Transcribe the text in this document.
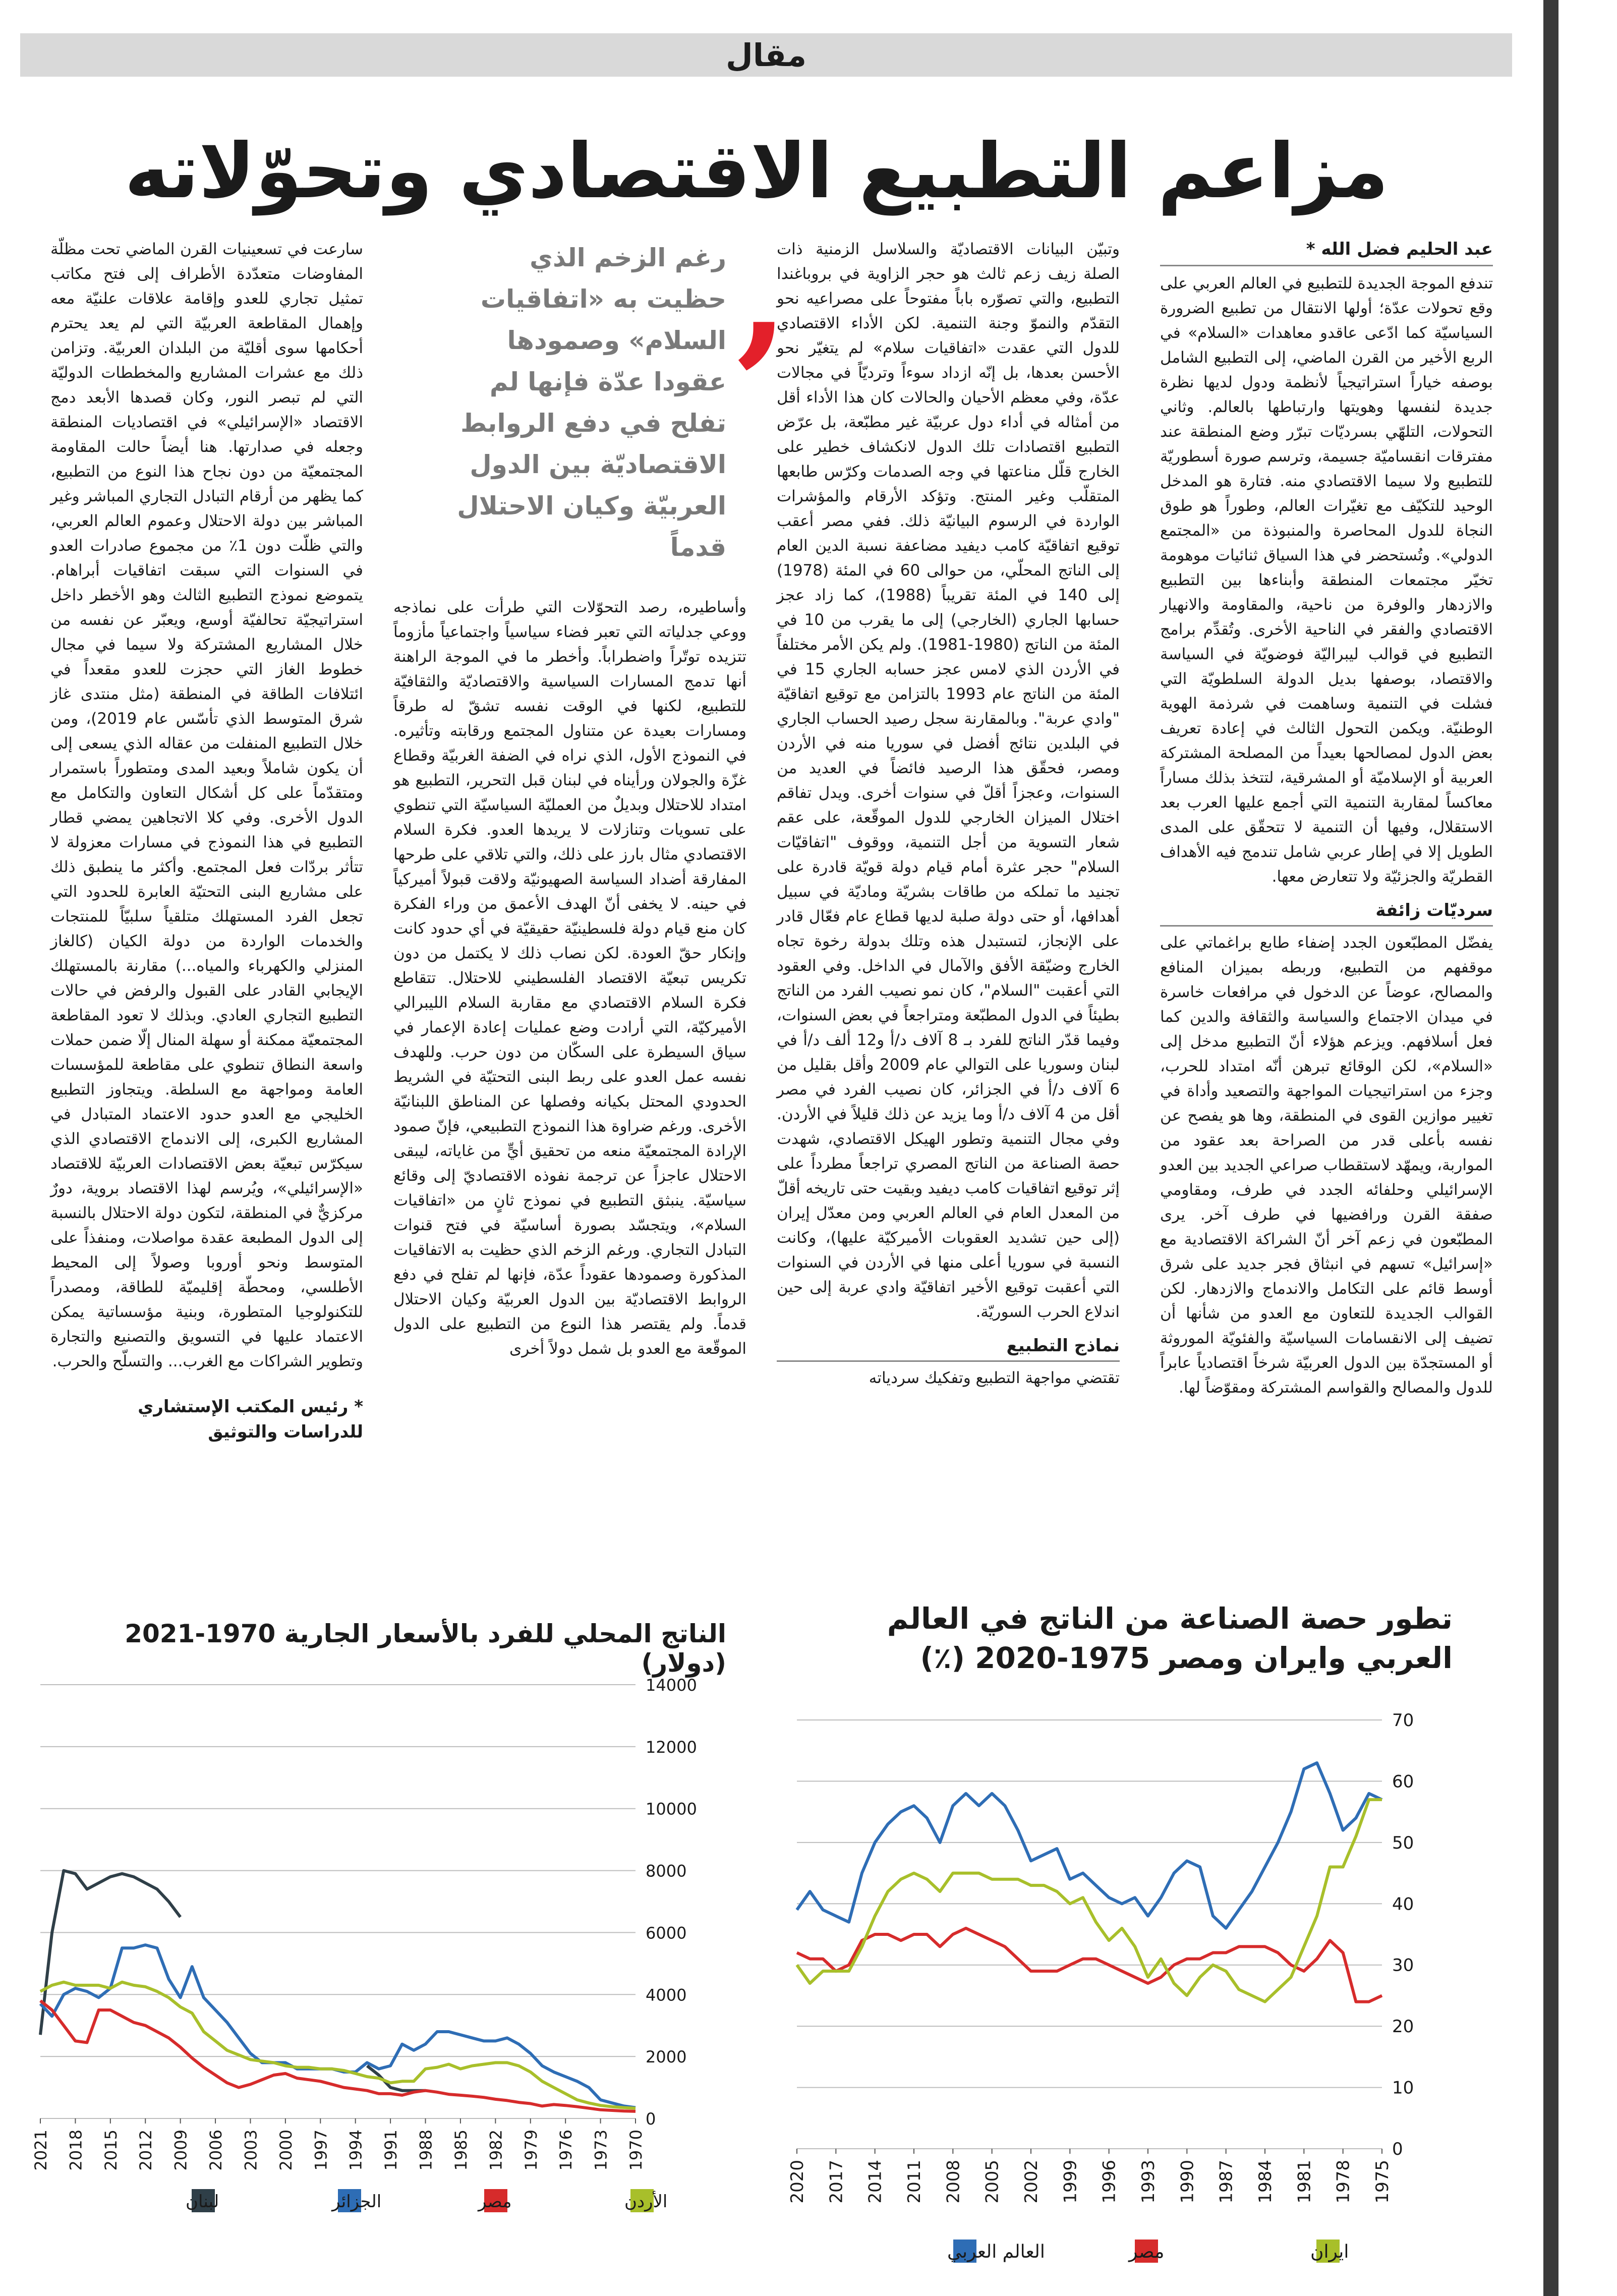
مقال
مزاعم التطبيع الاقتصادي وتحوّلاته
عبد الحليم فضل الله *

تندفع الموجة الجديدة للتطبيع في العالم العربي على وقع تحولات عدّة؛ أولها الانتقال من تطبيع الضرورة السياسيّة كما ادّعى عاقدو معاهدات «السلام» في الربع الأخير من القرن الماضي، إلى التطبيع الشامل بوصفه خياراً استراتيجياً لأنظمة ودول لديها نظرة جديدة لنفسها وهويتها وارتباطها بالعالم. وثاني التحولات، التلهّي بسرديّات تبرّر وضع المنطقة عند مفترقات انقساميّة جسيمة، وترسم صورة أسطوريّة للتطبيع ولا سيما الاقتصادي منه. فتارة هو المدخل الوحيد للتكيّف مع تغيّرات العالم، وطوراً هو طوق النجاة للدول المحاصرة والمنبوذة من «المجتمع الدولي». وتُستحضر في هذا السياق ثنائيات موهومة تخيّر مجتمعات المنطقة وأبناءها بين التطبيع والازدهار والوفرة من ناحية، والمقاومة والانهيار الاقتصادي والفقر في الناحية الأخرى. وتُقدِّم برامج التطبيع في قوالب ليبراليّة فوضويّة في السياسة والاقتصاد، بوصفها بديل الدولة السلطويّة التي فشلت في التنمية وساهمت في شرذمة الهوية الوطنيّة. ويكمن التحول الثالث في إعادة تعريف بعض الدول لمصالحها بعيداً من المصلحة المشتركة العربية أو الإسلاميّة أو المشرقية، لتتخذ بذلك مساراً معاكساً لمقاربة التنمية التي أجمع عليها العرب بعد الاستقلال، وفيها أن التنمية لا تتحقّق على المدى الطويل إلا في إطار عربي شامل تندمج فيه الأهداف القطريّة والجزئيّة ولا تتعارض معها.

سرديّات زائفة

يفضّل المطبّعون الجدد إضفاء طابع براغماتي على موقفهم من التطبيع، وربطه بميزان المنافع والمصالح، عوضاً عن الدخول في مرافعات خاسرة في ميدان الاجتماع والسياسة والثقافة والدين كما فعل أسلافهم. ويزعم هؤلاء أنّ التطبيع مدخل إلى «السلام»، لكن الوقائع تبرهن أنّه امتداد للحرب، وجزء من استراتيجيات المواجهة والتصعيد وأداة في تغيير موازين القوى في المنطقة، وها هو يفصح عن نفسه بأعلى قدر من الصراحة بعد عقود من المواربة، ويمهّد لاستقطاب صراعي الجديد بين العدو الإسرائيلي وحلفائه الجدد في طرف، ومقاومي صفقة القرن ورافضيها في طرف آخر. يرى المطبّعون في زعم آخر أنّ الشراكة الاقتصادية مع «إسرائيل» تسهم في انبثاق فجر جديد على شرق أوسط قائم على التكامل والاندماج والازدهار. لكن القوالب الجديدة للتعاون مع العدو من شأنها أن تضيف إلى الانقسامات السياسيّة والفئويّة الموروثة أو المستجدّة بين الدول العربيّة شرخاً اقتصادياً عابراً للدول والمصالح والقواسم المشتركة ومقوّضاً لها.

وتبيّن البيانات الاقتصاديّة والسلاسل الزمنية ذات الصلة زيف زعم ثالث هو حجر الزاوية في بروباغندا التطبيع، والتي تصوّره باباً مفتوحاً على مصراعيه نحو التقدّم والنموّ وجنة التنمية. لكن الأداء الاقتصادي للدول التي عقدت «اتفاقيات سلام» لم يتغيّر نحو الأحسن بعدها، بل إنّه ازداد سوءاً وترديّاً في مجالات عدّة، وفي معظم الأحيان والحالات كان هذا الأداء أقل من أمثاله في أداء دول عربيّة غير مطبّعة، بل عرّض التطبيع اقتصادات تلك الدول لانكشاف خطير على الخارج قلّل مناعتها في وجه الصدمات وكرّس طابعها المتقلّب وغير المنتج. وتؤكد الأرقام والمؤشرات الواردة في الرسوم البيانيّة ذلك. ففي مصر أعقب توقيع اتفاقيّة كامب ديفيد مضاعفة نسبة الدين العام إلى الناتج المحلّي، من حوالى 60 في المئة (1978) إلى 140 في المئة تقريباً (1988)، كما زاد عجز حسابها الجاري (الخارجي) إلى ما يقرب من 10 في المئة من الناتج (1980-1981). ولم يكن الأمر مختلفاً في الأردن الذي لامس عجز حسابه الجاري 15 في المئة من الناتج عام 1993 بالتزامن مع توقيع اتفاقيّة "وادي عربة". وبالمقارنة سجل رصيد الحساب الجاري في البلدين نتائج أفضل في سوريا منه في الأردن ومصر، فحقّق هذا الرصيد فائضاً في العديد من السنوات، وعجزاً أقلّ في سنوات أخرى. ويدل تفاقم اختلال الميزان الخارجي للدول الموقّعة، على عقم شعار التسوية من أجل التنمية، ووقوف "اتفاقيّات السلام" حجر عثرة أمام قيام دولة قويّة قادرة على تجنيد ما تملكه من طاقات بشريّة وماديّة في سبيل أهدافها، أو حتى دولة صلبة لديها قطاع عام فعّال قادر على الإنجاز، لتستبدل هذه وتلك بدولة رخوة تجاه الخارج وضيّقة الأفق والآمال في الداخل. وفي العقود التي أعقبت "السلام"، كان نمو نصيب الفرد من الناتج بطيئاً في الدول المطبّعة ومتراجعاً في بعض السنوات، وفيما قدّر الناتج للفرد بـ 8 آلاف د/أ و12 ألف د/أ في لبنان وسوريا على التوالي عام 2009 وأقل بقليل من 6 آلاف د/أ في الجزائر، كان نصيب الفرد في مصر أقل من 4 آلاف د/أ وما يزيد عن ذلك قليلاً في الأردن. وفي مجال التنمية وتطور الهيكل الاقتصادي، شهدت حصة الصناعة من الناتج المصري تراجعاً مطرداً على إثر توقيع اتفاقيات كامب ديفيد وبقيت حتى تاريخه أقلّ من المعدل العام في العالم العربي ومن معدّل إيران (إلى حين تشديد العقوبات الأميركيّة عليها)، وكانت النسبة في سوريا أعلى منها في الأردن في السنوات التي أعقبت توقيع الأخير اتفاقيّة وادي عربة إلى حين اندلاع الحرب السوريّة.

نماذج التطبيع

تقتضي مواجهة التطبيع وتفكيك سردياته

,
رغم الزخم الذي حظيت به «اتفاقيات السلام» وصمودها عقودا عدّة فإنها لم تفلح في دفع الروابط الاقتصاديّة بين الدول العربيّة وكيان الاحتلال قدماً

وأساطيره، رصد التحوّلات التي طرأت على نماذجه ووعي جدلياته التي تعبر فضاء سياسياً واجتماعياً مأزوماً تتزيده توتّراً واضطراباً. وأخطر ما في الموجة الراهنة أنها تدمج المسارات السياسية والاقتصاديّة والثقافيّة للتطبيع، لكنها في الوقت نفسه تشقّ له طرقاً ومسارات بعيدة عن متناول المجتمع ورقابته وتأثيره. في النموذج الأول، الذي نراه في الضفة الغربيّة وقطاع غزّة والجولان ورأيناه في لبنان قبل التحرير، التطبيع هو امتداد للاحتلال وبديلٌ من العمليّة السياسيّة التي تنطوي على تسويات وتنازلات لا يريدها العدو. فكرة السلام الاقتصادي مثال بارز على ذلك، والتي تلاقي على طرحها المفارقة أضداد السياسة الصهيونيّة ولاقت قبولاً أميركياً في حينه. لا يخفى أنّ الهدف الأعمق من وراء الفكرة كان منع قيام دولة فلسطينيّة حقيقيّة في أي حدود كانت وإنكار حقّ العودة. لكن نصاب ذلك لا يكتمل من دون تكريس تبعيّة الاقتصاد الفلسطيني للاحتلال. تتقاطع فكرة السلام الاقتصادي مع مقاربة السلام الليبرالي الأميركيّة، التي أرادت وضع عمليات إعادة الإعمار في سياق السيطرة على السكّان من دون حرب. وللهدف نفسه عمل العدو على ربط البنى التحتيّة في الشريط الحدودي المحتل بكيانه وفصلها عن المناطق اللبنانيّة الأخرى. ورغم ضراوة هذا النموذج التطبيعي، فإنّ صمود الإرادة المجتمعيّة منعه من تحقيق أيٍّ من غاياته، ليبقى الاحتلال عاجزاً عن ترجمة نفوذه الاقتصاديّ إلى وقائع سياسيّة. ينبثق التطبيع في نموذج ثانٍ من «اتفاقيات السلام»، ويتجسّد بصورة أساسيّة في فتح قنوات التبادل التجاري. ورغم الزخم الذي حظيت به الاتفاقيات المذكورة وصمودها عقوداً عدّة، فإنها لم تفلح في دفع الروابط الاقتصاديّة بين الدول العربيّة وكيان الاحتلال قدماً. ولم يقتصر هذا النوع من التطبيع على الدول الموقّعة مع العدو بل شمل دولاً أخرى

سارعت في تسعينيات القرن الماضي تحت مظلّة المفاوضات متعدّدة الأطراف إلى فتح مكاتب تمثيل تجاري للعدو وإقامة علاقات علنيّة معه وإهمال المقاطعة العربيّة التي لم يعد يحترم أحكامها سوى أقليّة من البلدان العربيّة. وتزامن ذلك مع عشرات المشاريع والمخططات الدوليّة التي لم تبصر النور، وكان قصدها الأبعد دمج الاقتصاد «الإسرائيلي» في اقتصاديات المنطقة وجعله في صدارتها. هنا أيضاً حالت المقاومة المجتمعيّة من دون نجاح هذا النوع من التطبيع، كما يظهر من أرقام التبادل التجاري المباشر وغير المباشر بين دولة الاحتلال وعموم العالم العربي، والتي ظلّت دون 1٪ من مجموع صادرات العدو في السنوات التي سبقت اتفاقيات أبراهام. يتموضع نموذج التطبيع الثالث وهو الأخطر داخل استراتيجيّة تحالفيّة أوسع، ويعبّر عن نفسه من خلال المشاريع المشتركة ولا سيما في مجال خطوط الغاز التي حجزت للعدو مقعداً في ائتلافات الطاقة في المنطقة (مثل منتدى غاز شرق المتوسط الذي تأسّس عام 2019)، ومن خلال التطبيع المنفلت من عقاله الذي يسعى إلى أن يكون شاملاً وبعيد المدى ومتطوراً باستمرار ومتقدّماً على كل أشكال التعاون والتكامل مع الدول الأخرى. وفي كلا الاتجاهين يمضي قطار التطبيع في هذا النموذج في مسارات معزولة لا تتأثر بردّات فعل المجتمع. وأكثر ما ينطبق ذلك على مشاريع البنى التحتيّة العابرة للحدود التي تجعل الفرد المستهلك متلقياً سلبيّاً للمنتجات والخدمات الواردة من دولة الكيان (كالغاز المنزلي والكهرباء والمياه...) مقارنة بالمستهلك الإيجابي القادر على القبول والرفض في حالات التطبيع التجاري العادي. وبذلك لا تعود المقاطعة المجتمعيّة ممكنة أو سهلة المنال إلّا ضمن حملات واسعة النطاق تنطوي على مقاطعة للمؤسسات العامة ومواجهة مع السلطة. ويتجاوز التطبيع الخليجي مع العدو حدود الاعتماد المتبادل في المشاريع الكبرى، إلى الاندماج الاقتصادي الذي سيكرّس تبعيّة بعض الاقتصادات العربيّة للاقتصاد «الإسرائيلي»، ويُرسم لهذا الاقتصاد بروية، دورٌ مركزيٌّ في المنطقة، لتكون دولة الاحتلال بالنسبة إلى الدول المطبعة عقدة مواصلات، ومنفذاً على المتوسط ونحو أوروبا وصولاً إلى المحيط الأطلسي، ومحطّة إقليميّة للطاقة، ومصدراً للتكنولوجيا المتطورة، وبنية مؤسساتية يمكن الاعتماد عليها في التسويق والتصنيع والتجارة وتطوير الشراكات مع الغرب... والتسلّح والحرب.

* رئيس المكتب الإستشاري
للدراسات والتوثيق
تطور حصة الصناعة من الناتج في العالم العربي وايران ومصر 1975-2020 (٪)
الناتج المحلي للفرد بالأسعار الجارية 1970-2021 (دولار)
0
10
20
30
40
50
60
70
1975
1978
1981
1984
1987
1990
1993
1996
1999
2002
2005
2008
2011
2014
2017
2020
العالم العربي	مصر	ايران
0
2000
4000
6000
8000
10000
12000
14000
1970
1973
1976
1979
1982
1985
1988
1991
1994
1997
2000
2003
2006
2009
2012
2015
2018
2021
لبنان	الجزائر	مصر	الأردن
